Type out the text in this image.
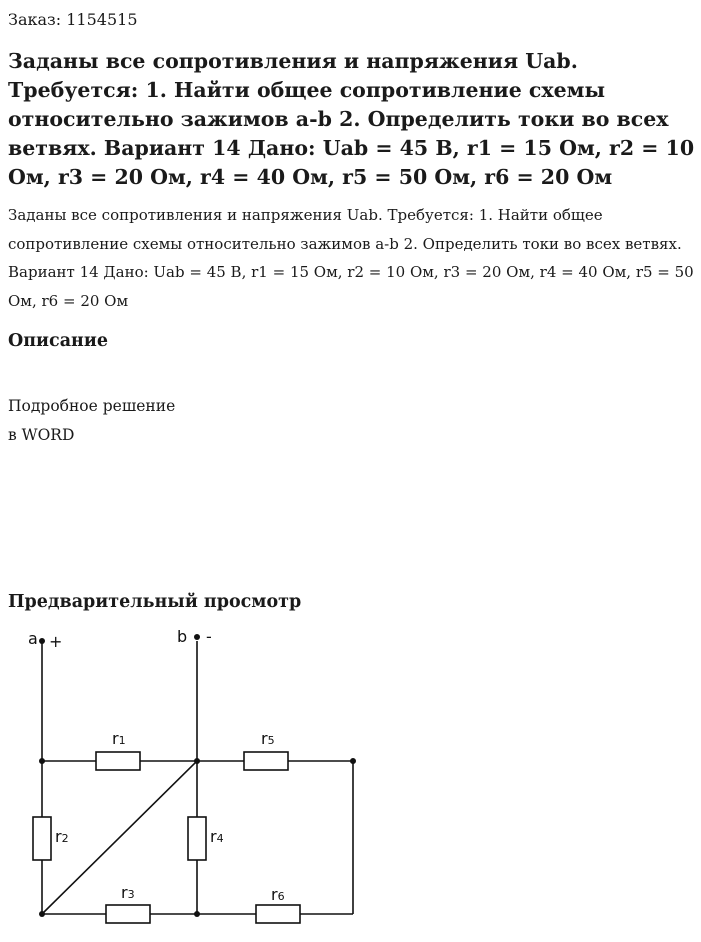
Заказ: 1154515
Заданы все сопротивления и напряжения Uab. Требуется: 1. Найти общее сопротивление схемы относительно зажимов a-b 2. Определить токи во всех ветвях. Вариант 14 Дано: Uab = 45 В, r1 = 15 Ом, r2 = 10 Ом, r3 = 20 Ом, r4 = 40 Ом, r5 = 50 Ом, r6 = 20 Ом

Заданы все сопротивления и напряжения Uab. Требуется: 1. Найти общее сопротивление схемы относительно зажимов a-b 2. Определить токи во всех ветвях. Вариант 14 Дано: Uab = 45 В, r1 = 15 Ом, r2 = 10 Ом, r3 = 20 Ом, r4 = 40 Ом, r5 = 50 Ом, r6 = 20 Ом

Описание
Подробное решение
в WORD
Предварительный просмотр
a +	b -
r1	r5
r2	r4
r3	r6
